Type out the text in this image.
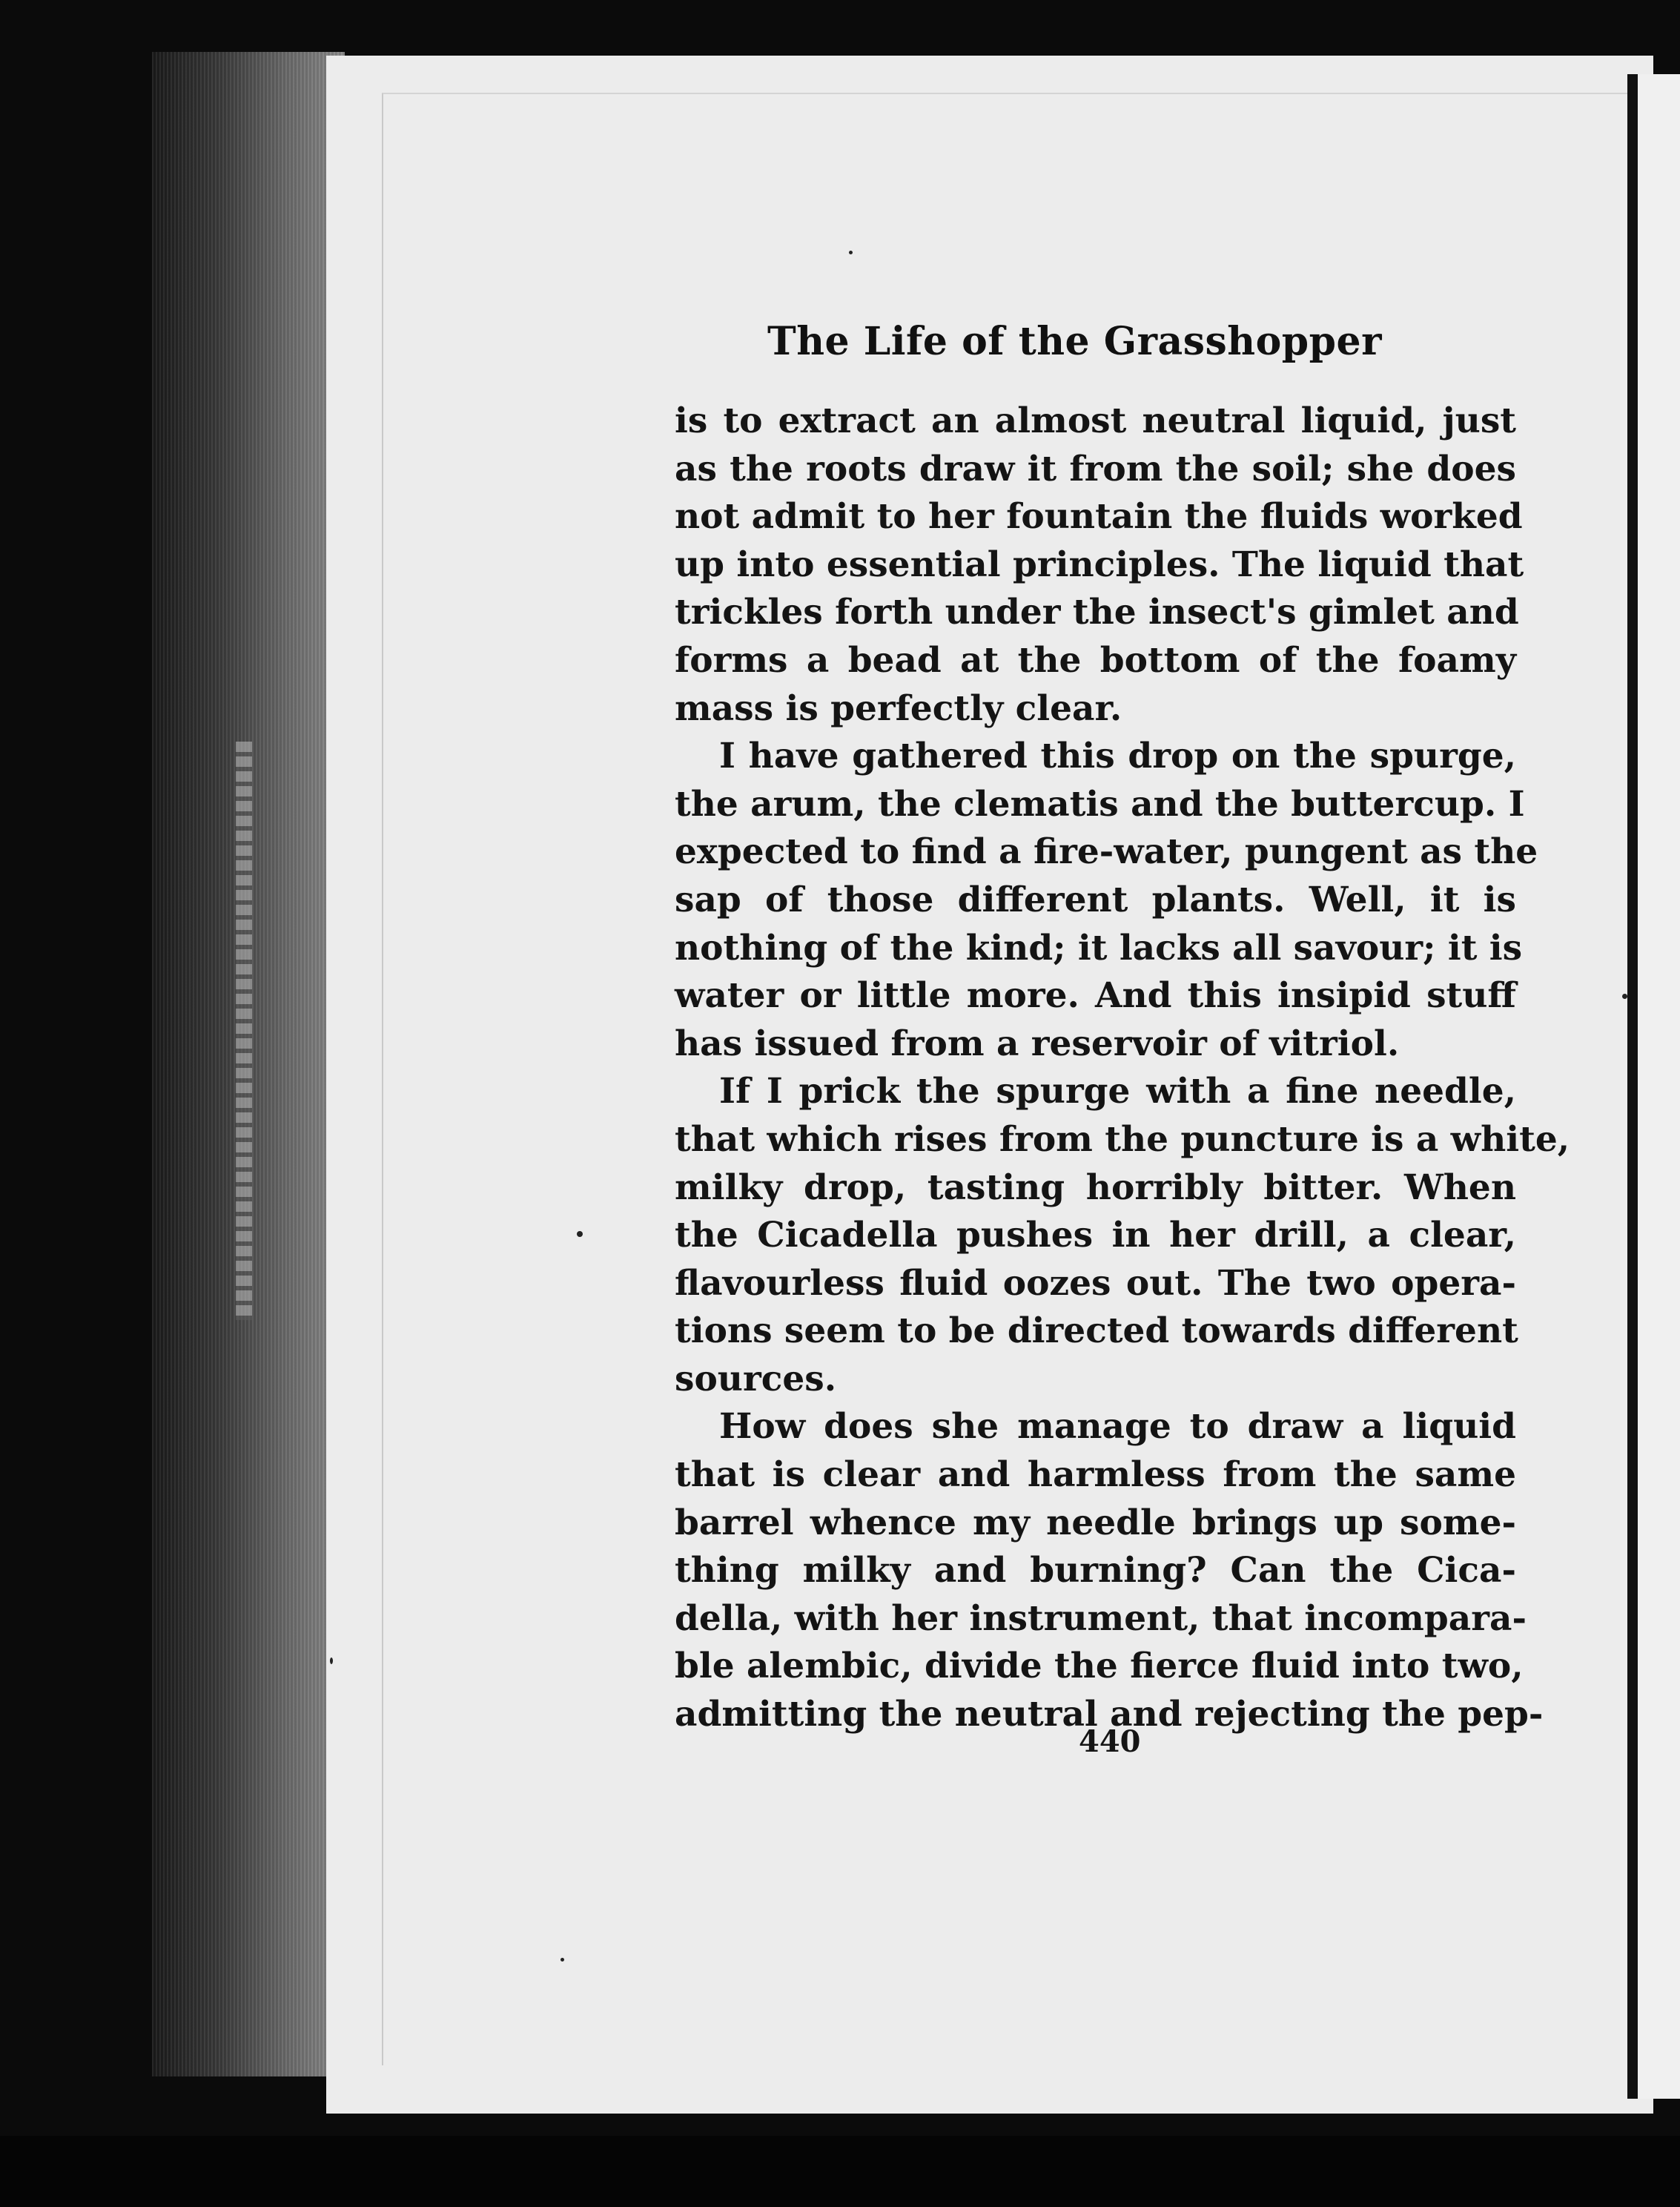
The Life of the Grasshopper
is to extract an almost neutral liquid, just
as the roots draw it from the soil; she does
not admit to her fountain the fluids worked
up into essential principles. The liquid that
trickles forth under the insect's gimlet and
forms a bead at the bottom of the foamy
mass is perfectly clear.
I have gathered this drop on the spurge,
the arum, the clematis and the buttercup. I
expected to find a fire-water, pungent as the
sap of those different plants. Well, it is
nothing of the kind; it lacks all savour; it is
water or little more. And this insipid stuff
has issued from a reservoir of vitriol.
If I prick the spurge with a fine needle,
that which rises from the puncture is a white,
milky drop, tasting horribly bitter. When
the Cicadella pushes in her drill, a clear,
flavourless fluid oozes out. The two opera-
tions seem to be directed towards different
sources.
How does she manage to draw a liquid
that is clear and harmless from the same
barrel whence my needle brings up some-
thing milky and burning? Can the Cica-
della, with her instrument, that incompara-
ble alembic, divide the fierce fluid into two,
admitting the neutral and rejecting the pep-
440
